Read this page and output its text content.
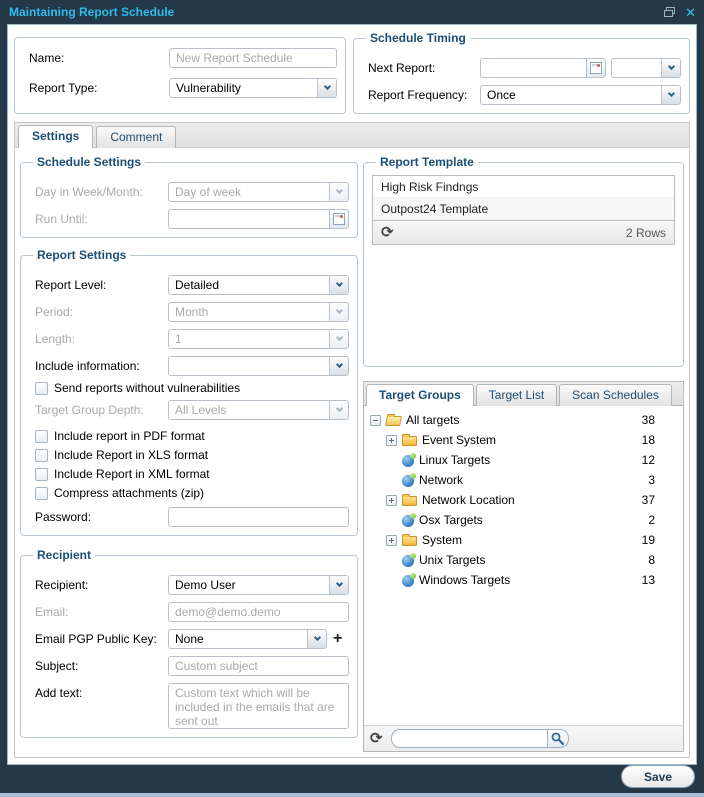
Maintaining Report Schedule
✕
Name:
New Report Schedule
Report Type:	Vulnerability
Schedule Timing
Next Report:
Report Frequency:	Once
Settings	Comment
Schedule Settings
Day in Week/Month:	Day of week
Run Until:
Report Settings
Report Level:	Detailed
Period:	Month
Length:	1
Include information:
Send reports without vulnerabilities
Target Group Depth:	All Levels
Include report in PDF format
Include Report in XLS format
Include Report in XML format
Compress attachments (zip)
Password:
Recipient
Recipient:	Demo User
Email:
demo@demo.demo
Email PGP Public Key:	None
+
Subject:
Custom subject
Add text:
Custom text which will be included in the emails that are sent out
Report Template
High Risk Findngs
Outpost24 Template
⟳
2 Rows
Target Groups	Target List	Scan Schedules
All targets	38
Event System	18
Linux Targets	12
Network	3
Network Location	37
Osx Targets	2
System	19
Unix Targets	8
Windows Targets	13
⟳
Save
